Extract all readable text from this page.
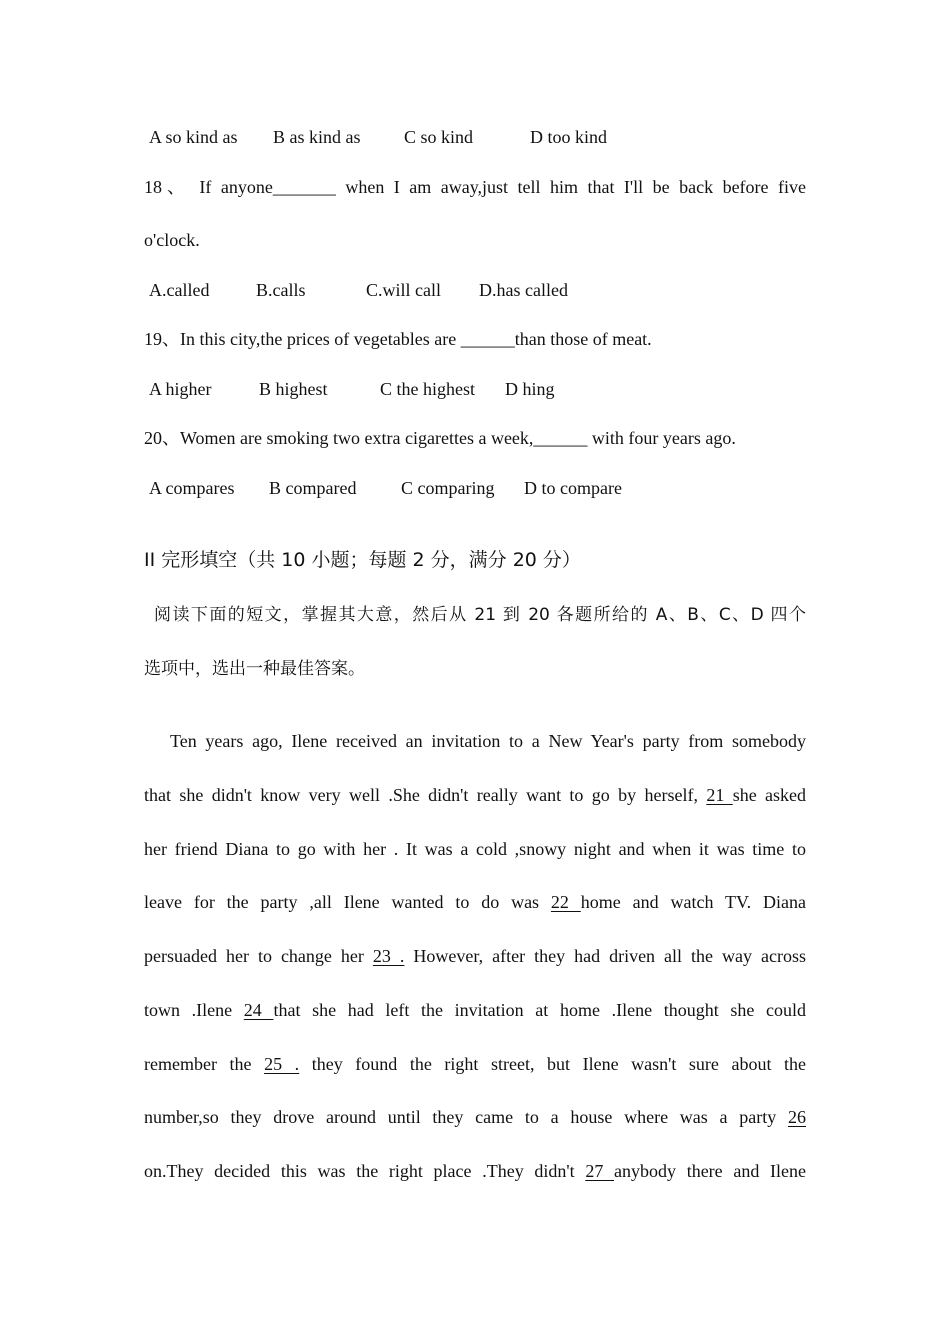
A so kind as B as kind as C so kind	D too kind
18、 If anyone_______ when I am away,just tell him that I'll be back before five
o'clock.
A.called	B.calls	C.will call D.has called
19、In this city,the prices of vegetables are ______than those of meat.
A higher	B highest	C the highest D hing
20、Women are smoking two extra cigarettes a week,______ with four years ago.
A compares B compared C comparing D to compare
II 完形填空（共 10 小题；每题 2 分，满分 20 分）
阅读下面的短文，掌握其大意，然后从 21 到 20 各题所给的 A、B、C、D 四个
选项中，选出一种最佳答案。
Ten years ago, Ilene received an invitation to a New Year's party from somebody
that she didn't know very well .She didn't really want to go by herself, 21 she asked
her friend Diana to go with her . It was a cold ,snowy night and when it was time to
leave for the party ,all Ilene wanted to do was 22 home and watch TV. Diana
persuaded her to change her 23 . However, after they had driven all the way across
town .Ilene 24 that she had left the invitation at home .Ilene thought she could
remember the 25 . they found the right street, but Ilene wasn't sure about the
number,so they drove around until they came to a house where was a party 26
on.They decided this was the right place .They didn't 27 anybody there and Ilene
